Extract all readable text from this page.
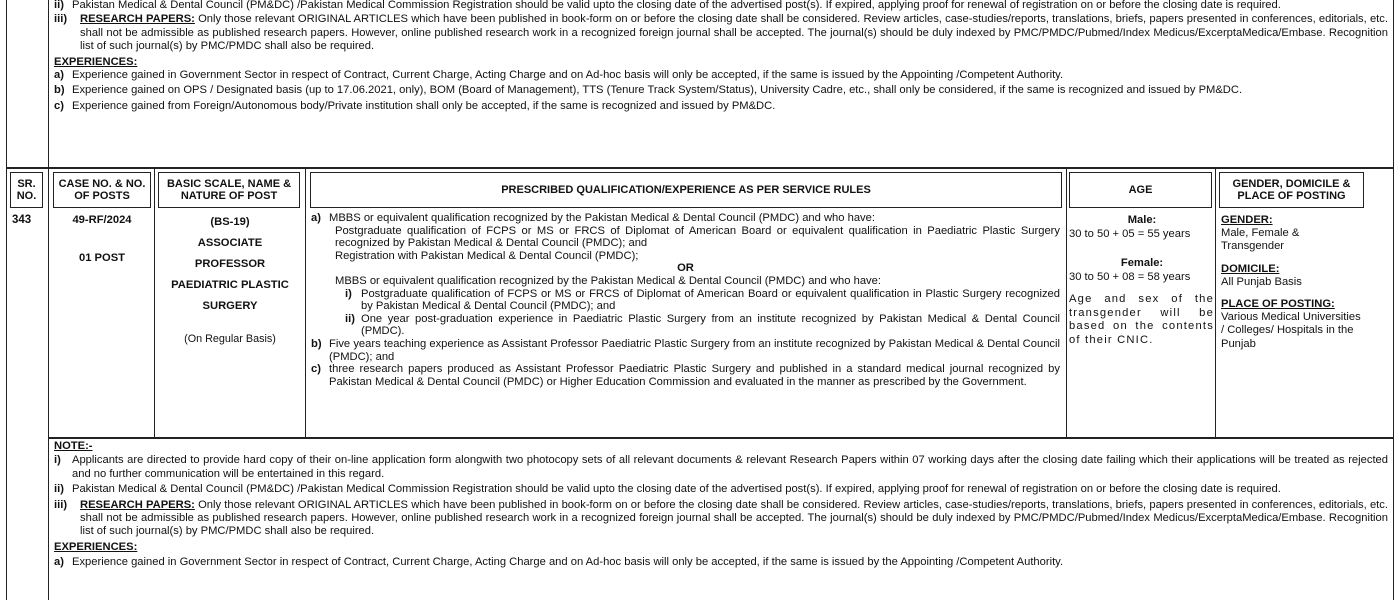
ii) Pakistan Medical & Dental Council (PM&DC) /Pakistan Medical Commission Registration should be valid upto the closing date of the advertised post(s). If expired, applying proof for renewal of registration on or before the closing date is required.
iii) RESEARCH PAPERS: Only those relevant ORIGINAL ARTICLES which have been published in book-form on or before the closing date shall be considered. Review articles, case-studies/reports, translations, briefs, papers presented in conferences, editorials, etc. shall not be admissible as published research papers. However, online published research work in a recognized foreign journal shall be accepted. The journal(s) should be duly indexed by PMC/PMDC/Pubmed/Index Medicus/ExcerptaMedica/Embase. Recognition list of such journal(s) by PMC/PMDC shall also be required.
EXPERIENCES:
a) Experience gained in Government Sector in respect of Contract, Current Charge, Acting Charge and on Ad-hoc basis will only be accepted, if the same is issued by the Appointing /Competent Authority.
b) Experience gained on OPS / Designated basis (up to 17.06.2021, only), BOM (Board of Management), TTS (Tenure Track System/Status), University Cadre, etc., shall only be considered, if the same is recognized and issued by PM&DC.
c) Experience gained from Foreign/Autonomous body/Private institution shall only be accepted, if the same is recognized and issued by PM&DC.
SR. NO.
CASE NO. & NO. OF POSTS
BASIC SCALE, NAME & NATURE OF POST
PRESCRIBED QUALIFICATION/EXPERIENCE AS PER SERVICE RULES	AGE
GENDER, DOMICILE & PLACE OF POSTING
343	49-RF/2024
01 POST
(BS-19)
ASSOCIATE
PROFESSOR
PAEDIATRIC PLASTIC
SURGERY
(On Regular Basis)
a) MBBS or equivalent qualification recognized by the Pakistan Medical & Dental Council (PMDC) and who have:
Postgraduate qualification of FCPS or MS or FRCS of Diplomat of American Board or equivalent qualification in Paediatric Plastic Surgery recognized by Pakistan Medical & Dental Council (PMDC); and
Registration with Pakistan Medical & Dental Council (PMDC);
OR
MBBS or equivalent qualification recognized by the Pakistan Medical & Dental Council (PMDC) and who have:
i) Postgraduate qualification of FCPS or MS or FRCS of Diplomat of American Board or equivalent qualification in Plastic Surgery recognized by Pakistan Medical & Dental Council (PMDC); and
ii) One year post-graduation experience in Paediatric Plastic Surgery from an institute recognized by Pakistan Medical & Dental Council (PMDC).
b) Five years teaching experience as Assistant Professor Paediatric Plastic Surgery from an institute recognized by Pakistan Medical & Dental Council (PMDC); and
c) three research papers produced as Assistant Professor Paediatric Plastic Surgery and published in a standard medical journal recognized by Pakistan Medical & Dental Council (PMDC) or Higher Education Commission and evaluated in the manner as prescribed by the Government.
Male:
30 to 50 + 05 = 55 years
Female:
30 to 50 + 08 = 58 years
Age and sex of the transgender will be based on the contents of their CNIC.
GENDER:
Male, Female & Transgender
DOMICILE:
All Punjab Basis
PLACE OF POSTING:
Various Medical Universities / Colleges/ Hospitals in the Punjab
NOTE:-
i) Applicants are directed to provide hard copy of their on-line application form alongwith two photocopy sets of all relevant documents & relevant Research Papers within 07 working days after the closing date failing which their applications will be treated as rejected and no further communication will be entertained in this regard.
ii) Pakistan Medical & Dental Council (PM&DC) /Pakistan Medical Commission Registration should be valid upto the closing date of the advertised post(s). If expired, applying proof for renewal of registration on or before the closing date is required.
iii) RESEARCH PAPERS: Only those relevant ORIGINAL ARTICLES which have been published in book-form on or before the closing date shall be considered. Review articles, case-studies/reports, translations, briefs, papers presented in conferences, editorials, etc. shall not be admissible as published research papers. However, online published research work in a recognized foreign journal shall be accepted. The journal(s) should be duly indexed by PMC/PMDC/Pubmed/Index Medicus/ExcerptaMedica/Embase. Recognition list of such journal(s) by PMC/PMDC shall also be required.
EXPERIENCES:
a) Experience gained in Government Sector in respect of Contract, Current Charge, Acting Charge and on Ad-hoc basis will only be accepted, if the same is issued by the Appointing /Competent Authority.
